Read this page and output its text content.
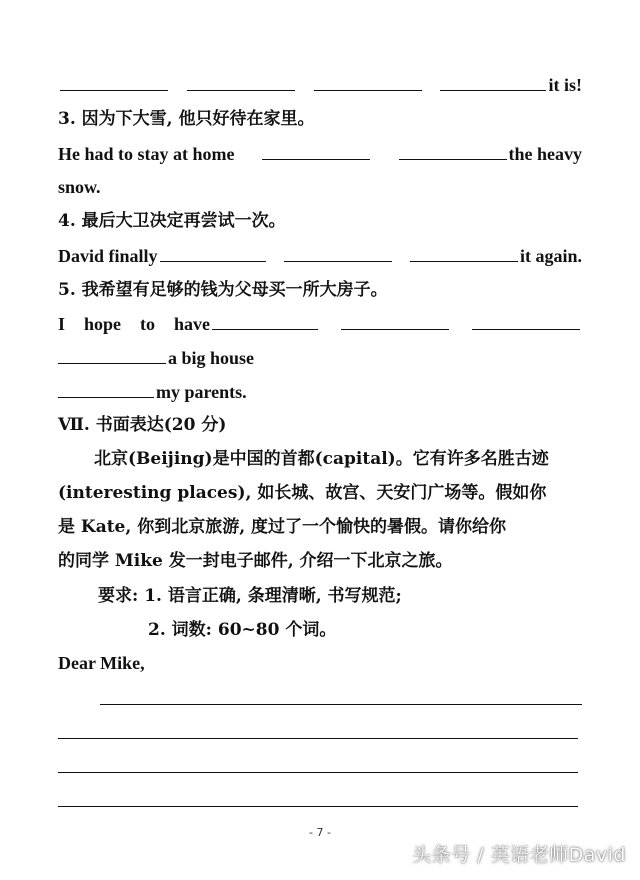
it is!
3. 因为下大雪, 他只好待在家里。
He had to stay at home	the heavy
snow.
4. 最后大卫决定再尝试一次。
David finally	it again.
5. 我希望有足够的钱为父母买一所大房子。
I hope to have
a big house
my parents.
Ⅶ. 书面表达(20 分)
北京(Beijing)是中国的首都(capital)。它有许多名胜古迹
(interesting places), 如长城、故宫、天安门广场等。假如你
是 Kate, 你到北京旅游, 度过了一个愉快的暑假。请你给你
的同学 Mike 发一封电子邮件, 介绍一下北京之旅。
要求: 1. 语言正确, 条理清晰, 书写规范;
2. 词数: 60~80 个词。
Dear Mike,
- 7 -
头条号 / 英语老师David
